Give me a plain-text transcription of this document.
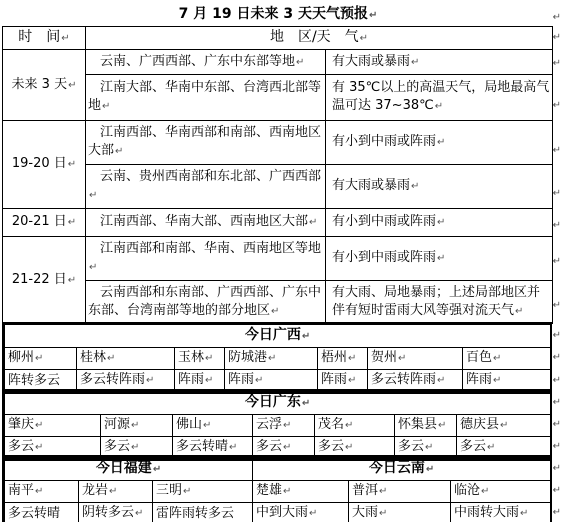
7 月 19 日未来 3 天天气预报↵
时　间↵	地　区/天　气↵	
未来 3 天↵	云南、广西西部、广东中东部等地↵	有大雨或暴雨↵
	江南大部、华南中东部、台湾西北部等地↵	有 35℃以上的高温天气，局地最高气温可达 37~38℃↵
19-20 日↵	江南西部、华南西部和南部、西南地区大部↵	有小到中雨或阵雨↵
	云南、贵州西南部和东北部、广西西部↵	有大雨或暴雨↵
20-21 日↵	江南西部、华南大部、西南地区大部↵	有小到中雨或阵雨↵
21-22 日↵	江南西部和南部、华南、西南地区等地↵	有小到中雨或阵雨↵
	云南西部和东南部、广西西部、广东中东部、台湾南部等地的部分地区↵	有大雨、局地暴雨；上述局部地区并伴有短时雷雨大风等强对流天气↵
今日广西↵						
柳州↵	桂林↵	玉林↵	防城港↵	梧州↵	贺州↵	百色↵
阵转多云	多云转阵雨↵	阵雨↵	阵雨↵	阵雨↵	多云转阵雨↵	阵雨↵
今日广东↵						
肇庆↵	河源↵	佛山↵	云浮↵	茂名↵	怀集县↵	德庆县↵
多云↵	多云↵	多云转晴↵	多云↵	多云↵	多云↵	多云↵
今日福建↵			今日云南↵		
南平↵	龙岩↵	三明↵	楚雄↵	普洱↵	临沧↵
多云转晴	阴转多云↵	雷阵雨转多云	中到大雨↵	大雨↵	中雨转大雨↵
↵
↵
↵
↵
↵
↵
↵
↵
↵
↵
↵
↵
↵
↵
↵
↵
↵
↵
